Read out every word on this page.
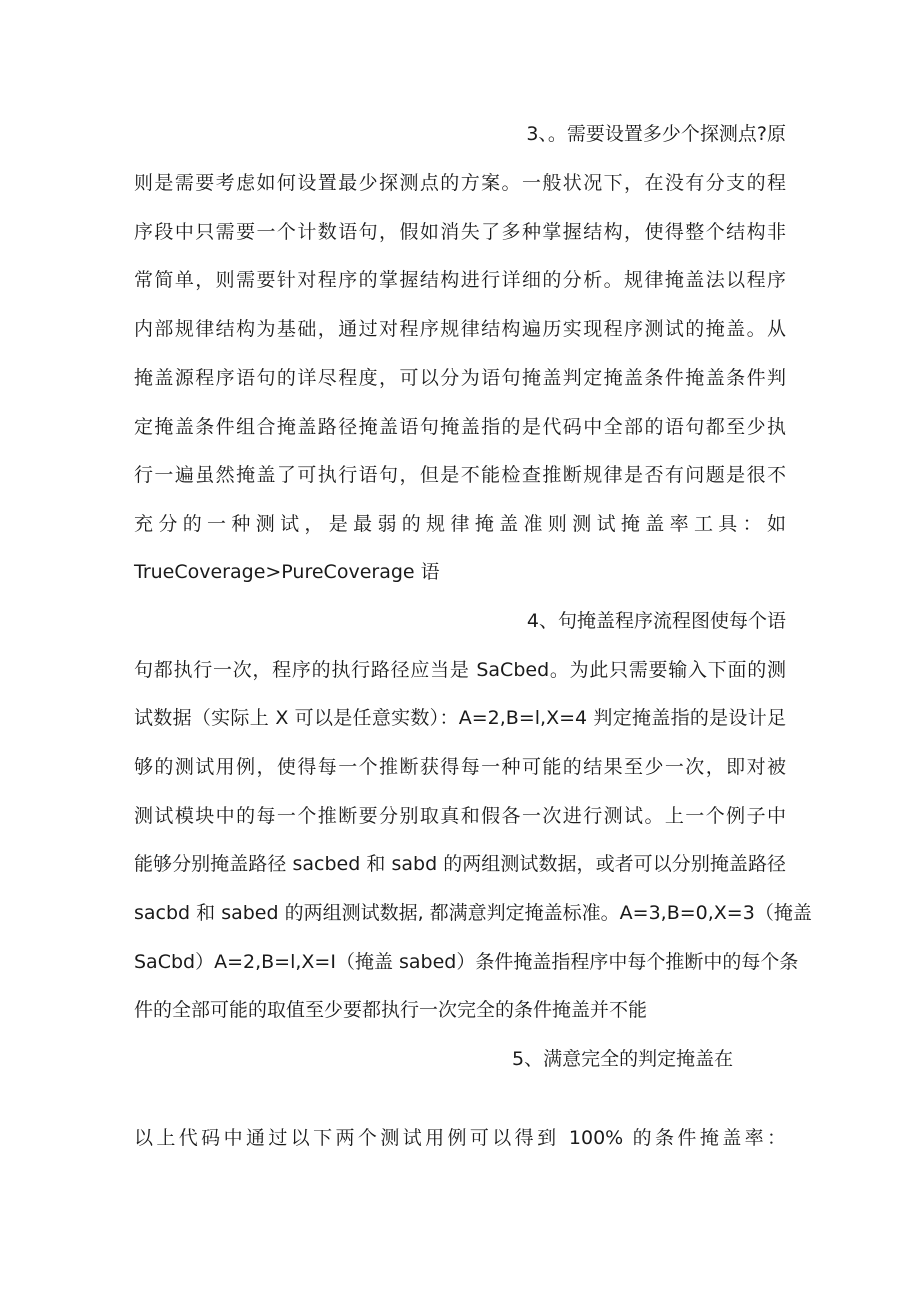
3、。需要设置多少个探测点?原
则是需要考虑如何设置最少探测点的方案。一般状况下，在没有分支的程
序段中只需要一个计数语句，假如消失了多种掌握结构，使得整个结构非
常简单，则需要针对程序的掌握结构进行详细的分析。规律掩盖法以程序
内部规律结构为基础，通过对程序规律结构遍历实现程序测试的掩盖。从
掩盖源程序语句的详尽程度，可以分为语句掩盖判定掩盖条件掩盖条件判
定掩盖条件组合掩盖路径掩盖语句掩盖指的是代码中全部的语句都至少执
行一遍虽然掩盖了可执行语句，但是不能检查推断规律是否有问题是很不
充分的一种测试，是最弱的规律掩盖准则测试掩盖率工具：如
TrueCoverage>PureCoverage 语
4、句掩盖程序流程图使每个语
句都执行一次，程序的执行路径应当是 SaCbed。为此只需要输入下面的测
试数据（实际上 X 可以是任意实数）：A=2,B=l,X=4 判定掩盖指的是设计足
够的测试用例，使得每一个推断获得每一种可能的结果至少一次，即对被
测试模块中的每一个推断要分别取真和假各一次进行测试。上一个例子中
能够分别掩盖路径 sacbed 和 sabd 的两组测试数据，或者可以分别掩盖路径
sacbd 和 sabed 的两组测试数据, 都满意判定掩盖标准。A=3,B=0,X=3（掩盖
SaCbd）A=2,B=l,X=I（掩盖 sabed）条件掩盖指程序中每个推断中的每个条
件的全部可能的取值至少要都执行一次完全的条件掩盖并不能
5、满意完全的判定掩盖在
以上代码中通过以下两个测试用例可以得到 100% 的条件掩盖率：
